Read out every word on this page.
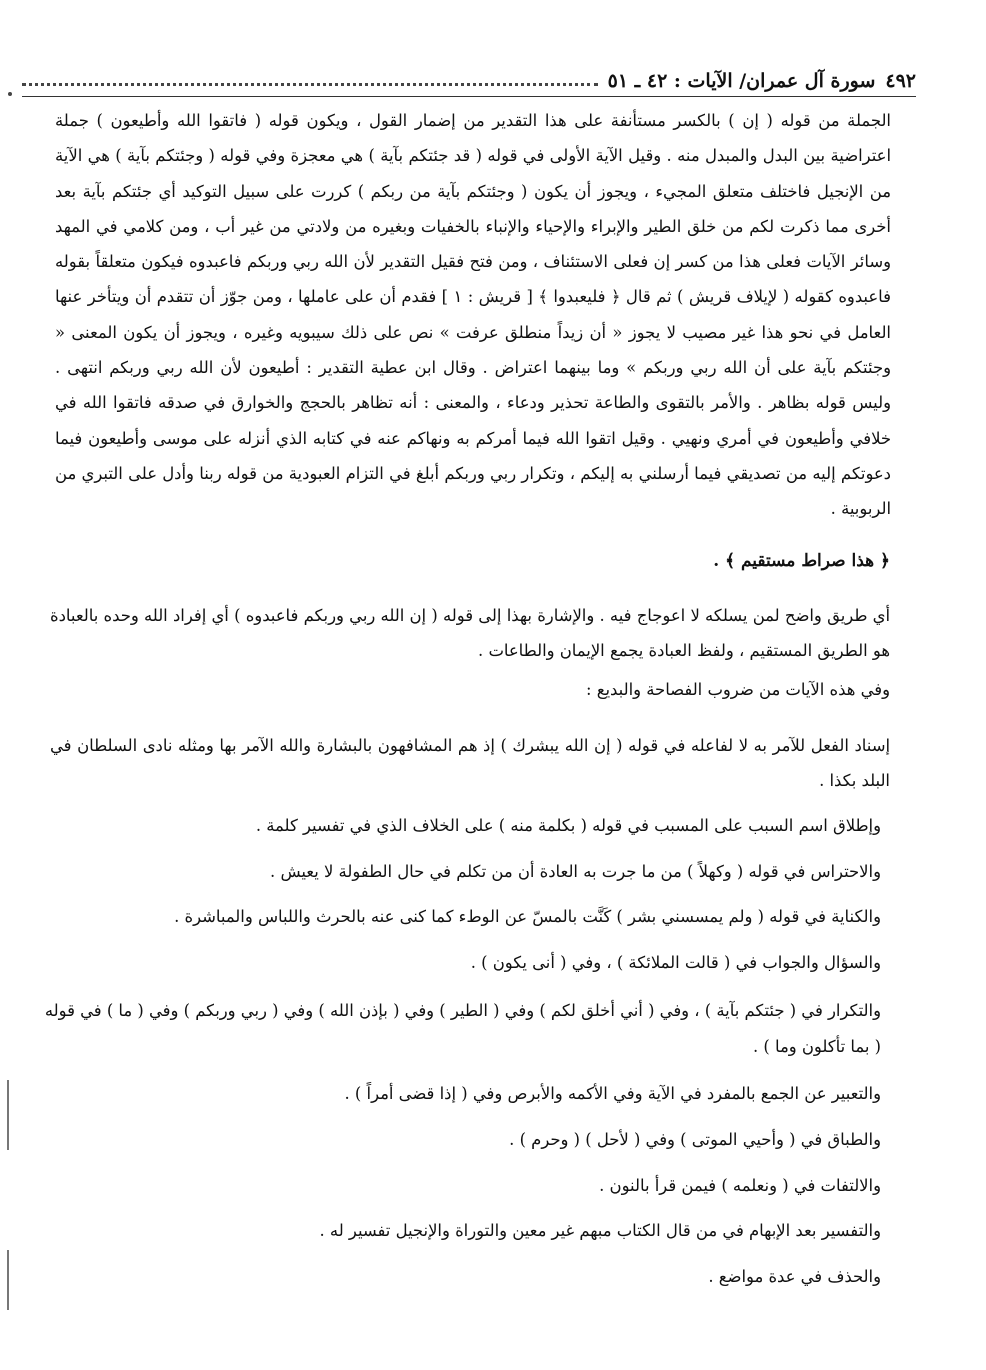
٤٩٢
سورة آل عمران/ الآيات : ٤٢ ـ ٥١

الجملة من قوله ( إن ) بالكسر مستأنفة على هذا التقدير من إضمار القول ، ويكون قوله ( فاتقوا الله وأطيعون ) جملة اعتراضية بين البدل والمبدل منه . وقيل الآية الأولى في قوله ( قد جئتكم بآية ) هي معجزة وفي قوله ( وجئتكم بآية ) هي الآية من الإنجيل فاختلف متعلق المجيء ، ويجوز أن يكون ( وجئتكم بآية من ربكم ) كررت على سبيل التوكيد أي جئتكم بآية بعد أخرى مما ذكرت لكم من خلق الطير والإبراء والإحياء والإنباء بالخفيات وبغيره من ولادتي من غير أب ، ومن كلامي في المهد وسائر الآيات فعلى هذا من كسر إن فعلى الاستئناف ، ومن فتح فقيل التقدير لأن الله ربي وربكم فاعبدوه فيكون متعلقاً بقوله فاعبدوه كقوله ( لإيلاف قريش ) ثم قال ﴿ فليعبدوا ﴾ [ قريش : ١ ] فقدم أن على عاملها ، ومن جوّز أن تتقدم أن ويتأخر عنها العامل في نحو هذا غير مصيب لا يجوز « أن زيداً منطلق عرفت » نص على ذلك سيبويه وغيره ، ويجوز أن يكون المعنى « وجئتكم بآية على أن الله ربي وربكم » وما بينهما اعتراض . وقال ابن عطية التقدير : أطيعون لأن الله ربي وربكم انتهى . وليس قوله بظاهر . والأمر بالتقوى والطاعة تحذير ودعاء ، والمعنى : أنه تظاهر بالحجج والخوارق في صدقه فاتقوا الله في خلافي وأطيعون في أمري ونهيي . وقيل اتقوا الله فيما أمركم به ونهاكم عنه في كتابه الذي أنزله على موسى وأطيعون فيما دعوتكم إليه من تصديقي فيما أرسلني به إليكم ، وتكرار ربي وربكم أبلغ في التزام العبودية من قوله ربنا وأدل على التبري من الربوبية .

﴿ هذا صراط مستقيم ﴾ .
أي طريق واضح لمن يسلكه لا اعوجاج فيه . والإشارة بهذا إلى قوله ( إن الله ربي وربكم فاعبدوه ) أي إفراد الله وحده بالعبادة هو الطريق المستقيم ، ولفظ العبادة يجمع الإيمان والطاعات .
وفي هذه الآيات من ضروب الفصاحة والبديع :
إسناد الفعل للآمر به لا لفاعله في قوله ( إن الله يبشرك ) إذ هم المشافهون بالبشارة والله الآمر بها ومثله نادى السلطان في البلد بكذا .
وإطلاق اسم السبب على المسبب في قوله ( بكلمة منه ) على الخلاف الذي في تفسير كلمة .
والاحتراس في قوله ( وكهلاً ) من ما جرت به العادة أن من تكلم في حال الطفولة لا يعيش .
والكناية في قوله ( ولم يمسسني بشر ) كَنَّت بالمسّ عن الوطء كما كنى عنه بالحرث واللباس والمباشرة .
والسؤال والجواب في ( قالت الملائكة ) ، وفي ( أنى يكون ) .
والتكرار في ( جئتكم بآية ) ، وفي ( أني أخلق لكم ) وفي ( الطير ) وفي ( بإذن الله ) وفي ( ربي وربكم ) وفي ( ما ) في قوله ( بما تأكلون وما ) .
والتعبير عن الجمع بالمفرد في الآية وفي الأكمه والأبرص وفي ( إذا قضى أمراً ) .
والطباق في ( وأحيي الموتى ) وفي ( لأحل ) ( وحرم ) .
والالتفات في ( ونعلمه ) فيمن قرأ بالنون .
والتفسير بعد الإبهام في من قال الكتاب مبهم غير معين والتوراة والإنجيل تفسير له .
والحذف في عدة مواضع .
